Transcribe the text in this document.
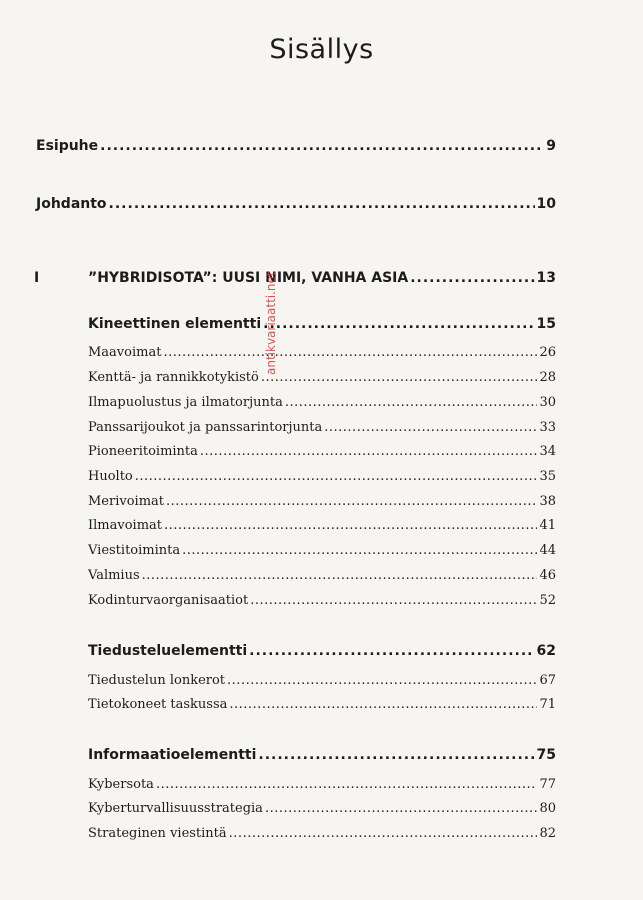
Sisällys
Esipuhe .....	9
Johdanto .....	10
I	”HYBRIDISOTA”: UUSI NIMI, VANHA ASIA .....	13
Kineettinen elementti .....	15
Maavoimat .....	26
Kenttä- ja rannikkotykistö .....	28
Ilmapuolustus ja ilmatorjunta .....	30
Panssarijoukot ja panssarintorjunta .....	33
Pioneeritoiminta .....	34
Huolto .....	35
Merivoimat .....	38
Ilmavoimat .....	41
Viestitoiminta .....	44
Valmius .....	46
Kodinturvaorganisaatiot .....	52
Tiedusteluelementti .....	62
Tiedustelun lonkerot .....	67
Tietokoneet taskussa .....	71
Informaatioelementti .....	75
Kybersota .....	77
Kyberturvallisuusstrategia .....	80
Strateginen viestintä .....	82
antikvariaatti.net
